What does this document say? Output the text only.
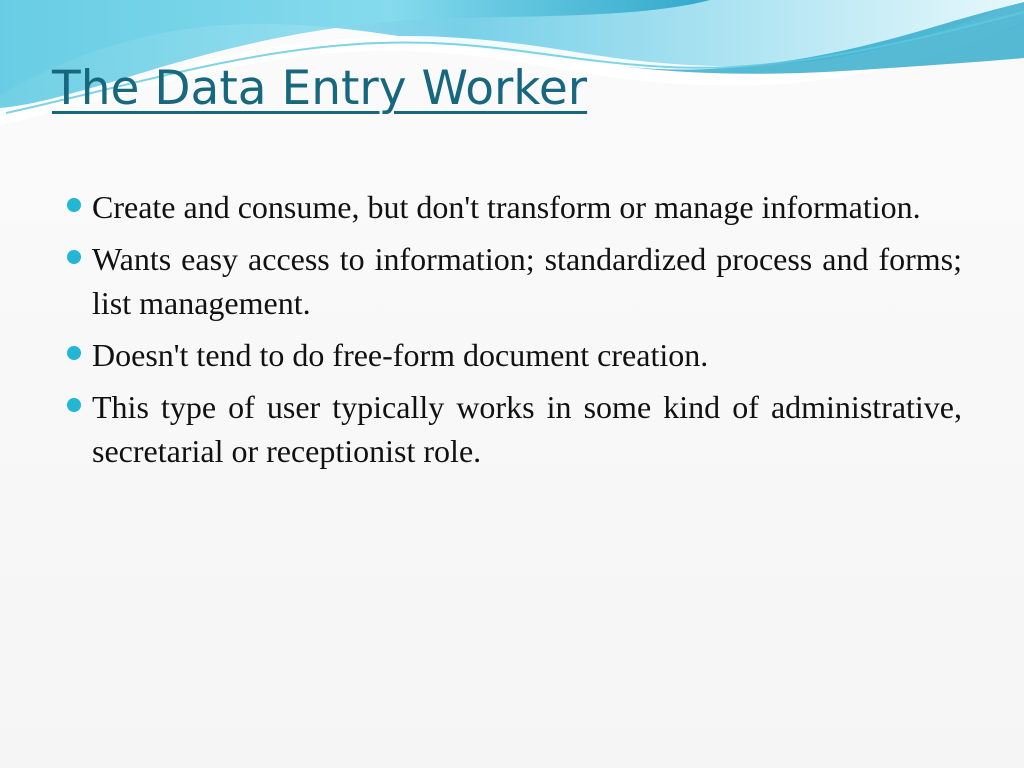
The Data Entry Worker
Create and consume, but don't transform or manage information.
Wants easy access to information; standardized process and forms; list management.
Doesn't tend to do free-form document creation.
This type of user typically works in some kind of administrative, secretarial or receptionist role.
